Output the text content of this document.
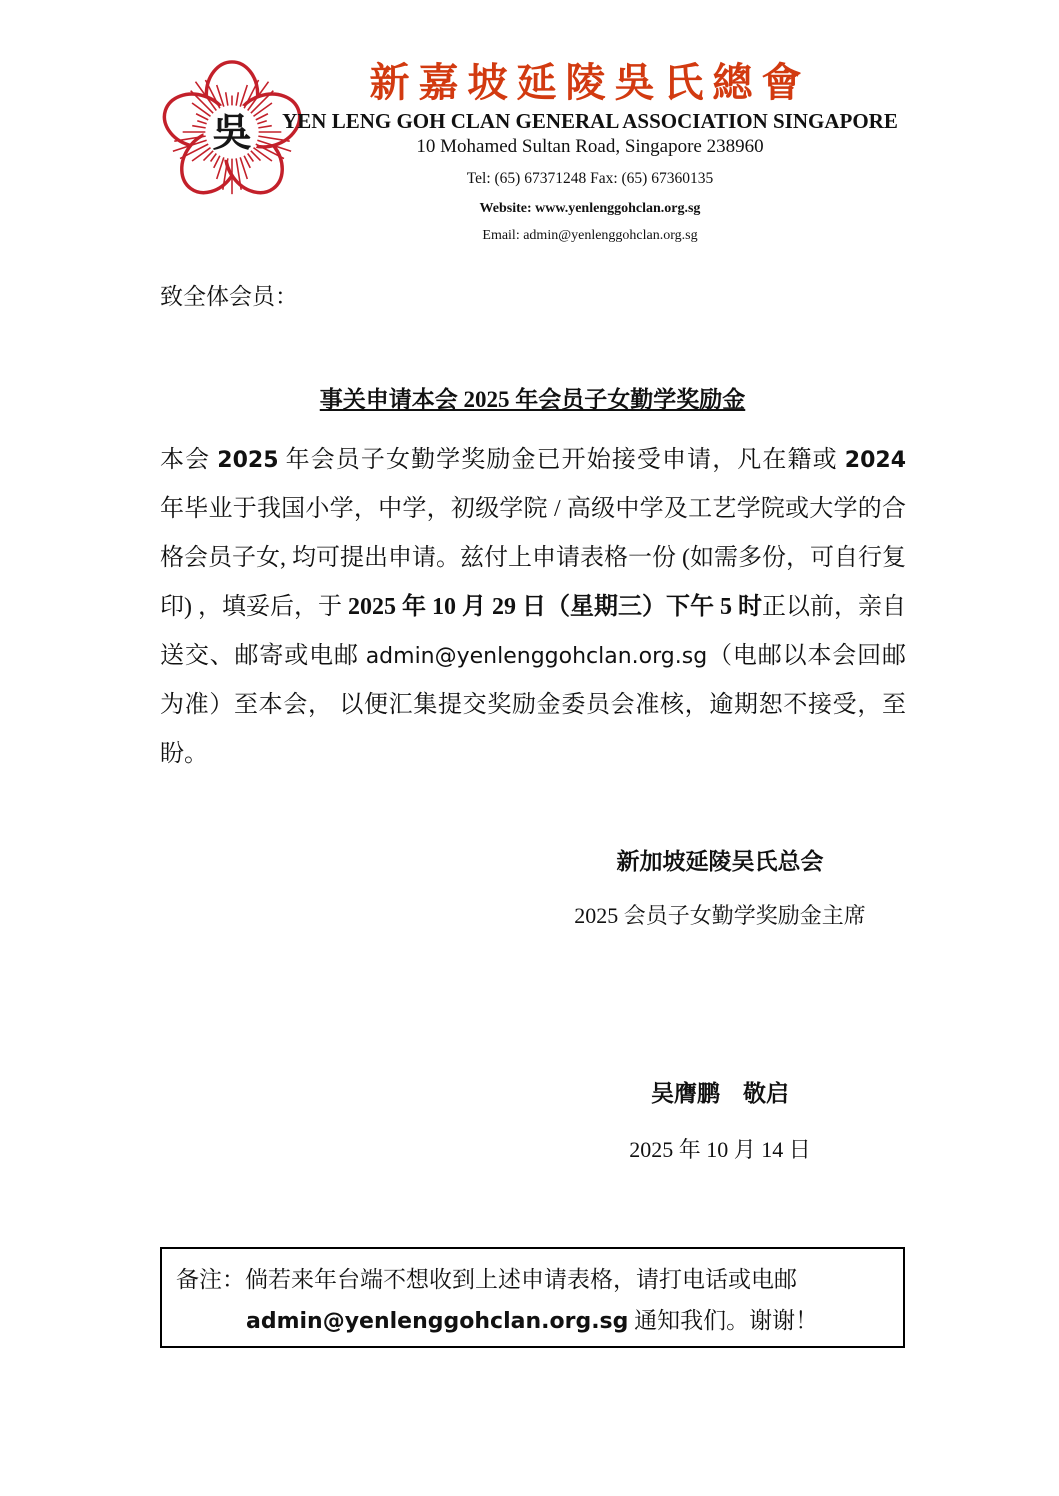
吳
新嘉坡延陵吳氏總會
YEN LENG GOH CLAN GENERAL ASSOCIATION SINGAPORE
10 Mohamed Sultan Road, Singapore 238960
Tel: (65) 67371248 Fax: (65) 67360135
Website: www.yenlenggohclan.org.sg
Email: admin@yenlenggohclan.org.sg
致全体会员：
事关申请本会 2025 年会员子女勤学奖励金
本会 2025 年会员子女勤学奖励金已开始接受申请，凡在籍或 2024 年毕业于我国小学，中学，初级学院 / 高级中学及工艺学院或大学的合格会员子女, 均可提出申请。兹付上申请表格一份 (如需多份，可自行复印) ，填妥后，于 2025 年 10 月 29 日（星期三）下午 5 时正以前，亲自送交、邮寄或电邮 admin@yenlenggohclan.org.sg（电邮以本会回邮为准）至本会， 以便汇集提交奖励金委员会准核，逾期恕不接受，至盼。
新加坡延陵吴氏总会
2025 会员子女勤学奖励金主席
吴膺鹏　敬启
2025 年 10 月 14 日
备注：倘若来年台端不想收到上述申请表格，请打电话或电邮
admin@yenlenggohclan.org.sg 通知我们。谢谢！
